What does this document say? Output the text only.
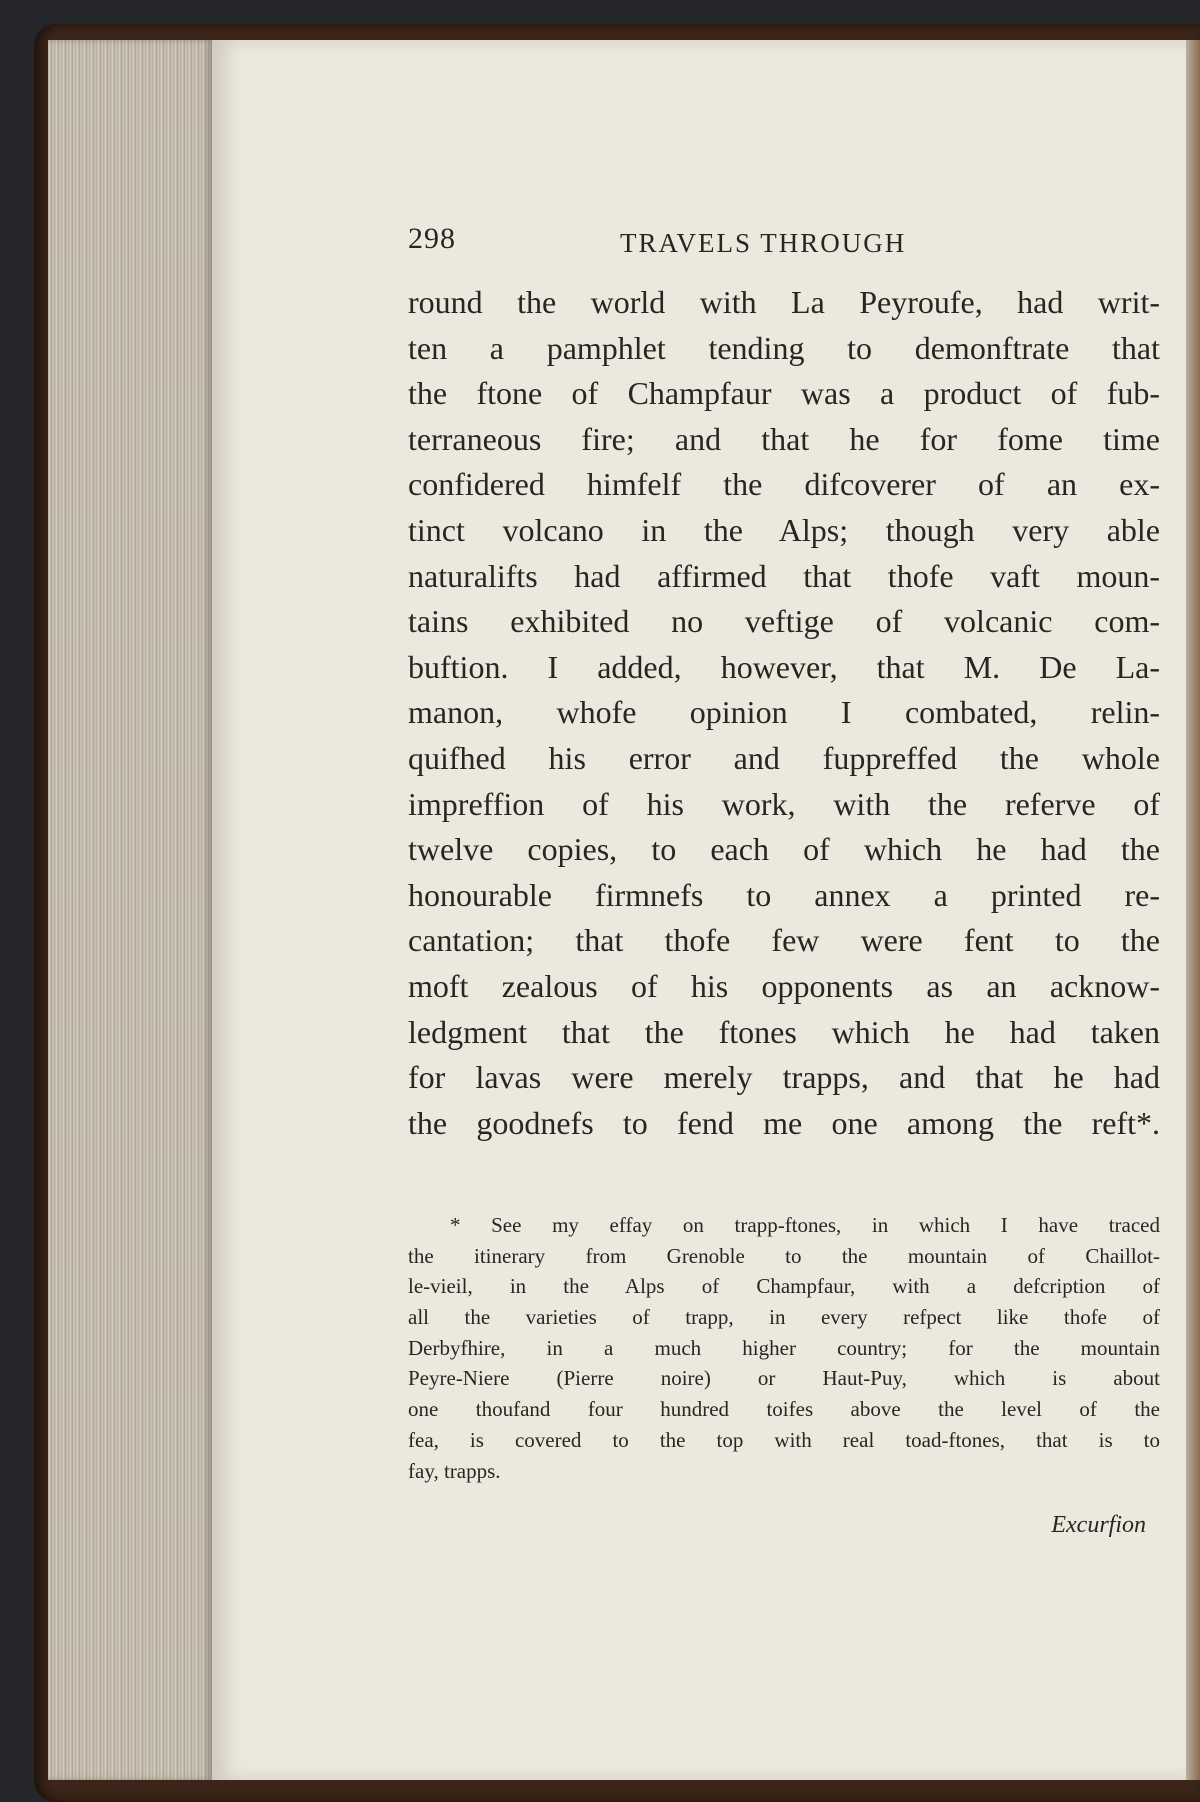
298	TRAVELS THROUGH
round the world with La Peyroufe, had writ-
ten a pamphlet tending to demonftrate that
the ftone of Champfaur was a product of fub-
terraneous fire; and that he for fome time
confidered himfelf the difcoverer of an ex-
tinct volcano in the Alps; though very able
naturalifts had affirmed that thofe vaft moun-
tains exhibited no veftige of volcanic com-
buftion. I added, however, that M. De La-
manon, whofe opinion I combated, relin-
quifhed his error and fuppreffed the whole
impreffion of his work, with the referve of
twelve copies, to each of which he had the
honourable firmnefs to annex a printed re-
cantation; that thofe few were fent to the
moft zealous of his opponents as an acknow-
ledgment that the ftones which he had taken
for lavas were merely trapps, and that he had
the goodnefs to fend me one among the reft*.
* See my effay on trapp-ftones, in which I have traced
the itinerary from Grenoble to the mountain of Chaillot-
le-vieil, in the Alps of Champfaur, with a defcription of
all the varieties of trapp, in every refpect like thofe of
Derbyfhire, in a much higher country; for the mountain
Peyre-Niere (Pierre noire) or Haut-Puy, which is about
one thoufand four hundred toifes above the level of the
fea, is covered to the top with real toad-ftones, that is to
fay, trapps.
Excurfion
